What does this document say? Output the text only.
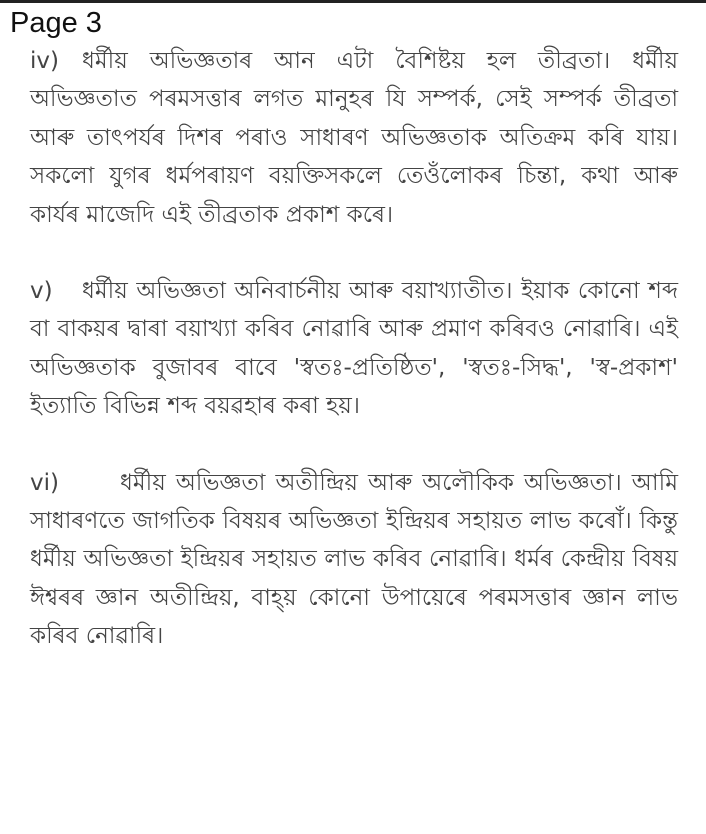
Page 3

iv) ধৰ্মীয় অভিজ্ঞতাৰ আন এটা বৈশিষ্টয় হল তীব্ৰতা। ধৰ্মীয় অভিজ্ঞতাত পৰমসত্তাৰ লগত মানুহৰ যি সম্পৰ্ক, সেই সম্পৰ্ক তীব্ৰতা আৰু তাৎপৰ্যৰ দিশৰ পৰাও সাধাৰণ অভিজ্ঞতাক অতিক্ৰম কৰি যায়। সকলো যুগৰ ধৰ্মপৰায়ণ বয়ক্তিসকলে তেওঁলোকৰ চিন্তা, কথা আৰু কাৰ্যৰ মাজেদি এই তীব্ৰতাক প্ৰকাশ কৰে।

v) ধৰ্মীয় অভিজ্ঞতা অনিবাৰ্চনীয় আৰু বয়াখ্যাতীত। ইয়াক কোনো শব্দ বা বাকয়ৰ দ্বাৰা বয়াখ্যা কৰিব নোৱাৰি আৰু প্ৰমাণ কৰিবও নোৱাৰি। এই অভিজ্ঞতাক বুজাবৰ বাবে 'স্বতঃ-প্ৰতিষ্ঠিত', 'স্বতঃ-সিদ্ধ', 'স্ব-প্ৰকাশ' ইত্যাতি বিভিন্ন শব্দ বয়ৱহাৰ কৰা হয়।

vi)	ধৰ্মীয় অভিজ্ঞতা অতীন্দ্ৰিয় আৰু অলৌকিক অভিজ্ঞতা। আমি সাধাৰণতে জাগতিক বিষয়ৰ অভিজ্ঞতা ইন্দ্ৰিয়ৰ সহায়ত লাভ কৰোঁ। কিন্তু ধৰ্মীয় অভিজ্ঞতা ইন্দ্ৰিয়ৰ সহায়ত লাভ কৰিব নোৱাৰি। ধৰ্মৰ কেন্দ্ৰীয় বিষয় ঈশ্বৰৰ জ্ঞান অতীন্দ্ৰিয়, বাহ্য় কোনো উপায়েৰে পৰমসত্তাৰ জ্ঞান লাভ কৰিব নোৱাৰি।
